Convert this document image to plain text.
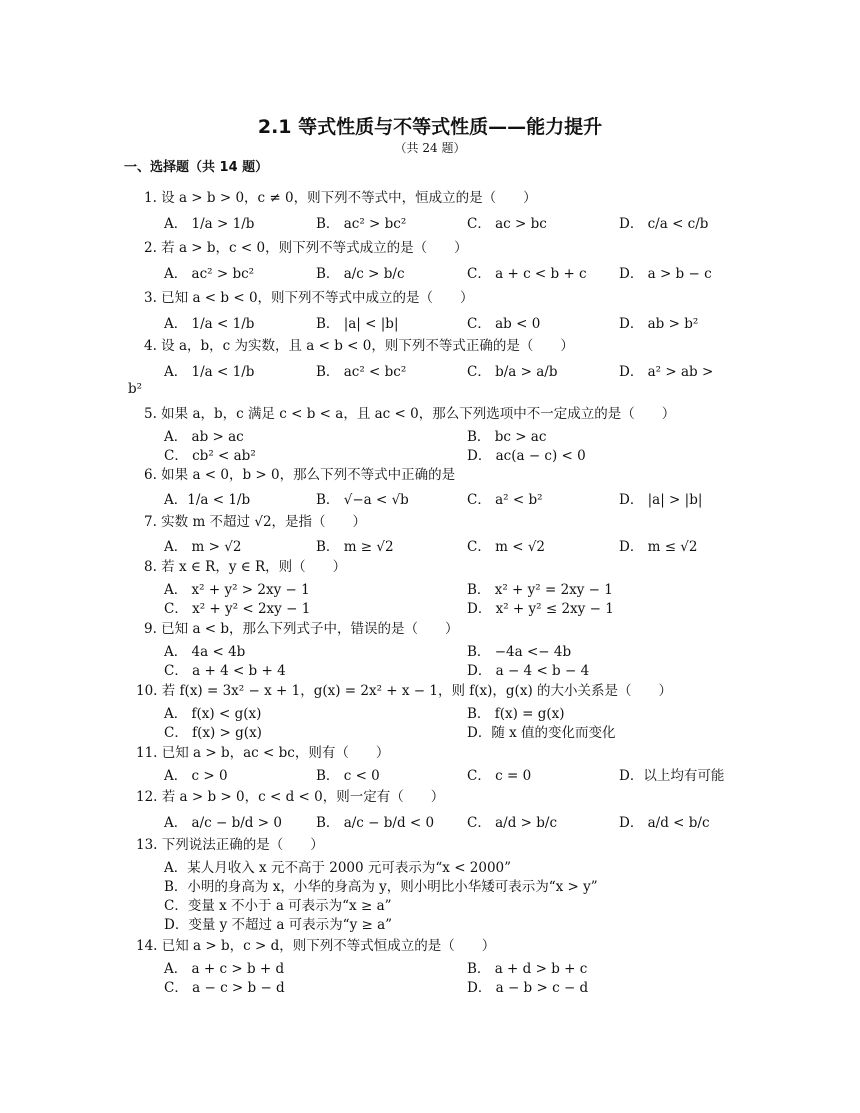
2.1 等式性质与不等式性质——能力提升
（共 24 题）
一、选择题（共 14 题）
1. 设 a > b > 0，c ≠ 0，则下列不等式中，恒成立的是（　　）
A． 1/a > 1/b	B． ac² > bc²	C． ac > bc	D． c/a < c/b
2. 若 a > b，c < 0，则下列不等式成立的是（　　）
A． ac² > bc²	B． a/c > b/c	C． a + c < b + c D． a > b − c
3. 已知 a < b < 0，则下列不等式中成立的是（　　）
A． 1/a < 1/b	B． |a| < |b|	C． ab < 0	D． ab > b²
4. 设 a，b，c 为实数，且 a < b < 0，则下列不等式正确的是（　　）
A． 1/a < 1/b	B． ac² < bc²	C． b/a > a/b	D． a² > ab >
b²
5. 如果 a，b，c 满足 c < b < a，且 ac < 0，那么下列选项中不一定成立的是（　　）
A． ab > ac	B． bc > ac
C． cb² < ab²	D． ac(a − c) < 0
6. 如果 a < 0，b > 0，那么下列不等式中正确的是
A．1/a < 1/b	B． √−a < √b	C． a² < b²	D． |a| > |b|
7. 实数 m 不超过 √2，是指（　　）
A． m > √2	B． m ≥ √2	C． m < √2	D． m ≤ √2
8. 若 x ∈ R，y ∈ R，则（　　）
A． x² + y² > 2xy − 1	B． x² + y² = 2xy − 1
C． x² + y² < 2xy − 1	D． x² + y² ≤ 2xy − 1
9. 已知 a < b，那么下列式子中，错误的是（　　）
A． 4a < 4b	B． −4a <− 4b
C． a + 4 < b + 4	D． a − 4 < b − 4
10. 若 f(x) = 3x² − x + 1，g(x) = 2x² + x − 1，则 f(x)，g(x) 的大小关系是（　　）
A． f(x) < g(x)	B． f(x) = g(x)
C． f(x) > g(x)	D．随 x 值的变化而变化
11. 已知 a > b，ac < bc，则有（　　）
A． c > 0	B． c < 0	C． c = 0	D．以上均有可能
12. 若 a > b > 0，c < d < 0，则一定有（　　）
A． a/c − b/d > 0	B． a/c − b/d < 0 C． a/d > b/c	D． a/d < b/c
13. 下列说法正确的是（　　）
A．某人月收入 x 元不高于 2000 元可表示为“x < 2000”
B．小明的身高为 x，小华的身高为 y，则小明比小华矮可表示为“x > y”
C．变量 x 不小于 a 可表示为“x ≥ a”
D．变量 y 不超过 a 可表示为“y ≥ a”
14. 已知 a > b，c > d，则下列不等式恒成立的是（　　）
A． a + c > b + d	B． a + d > b + c
C． a − c > b − d	D． a − b > c − d
